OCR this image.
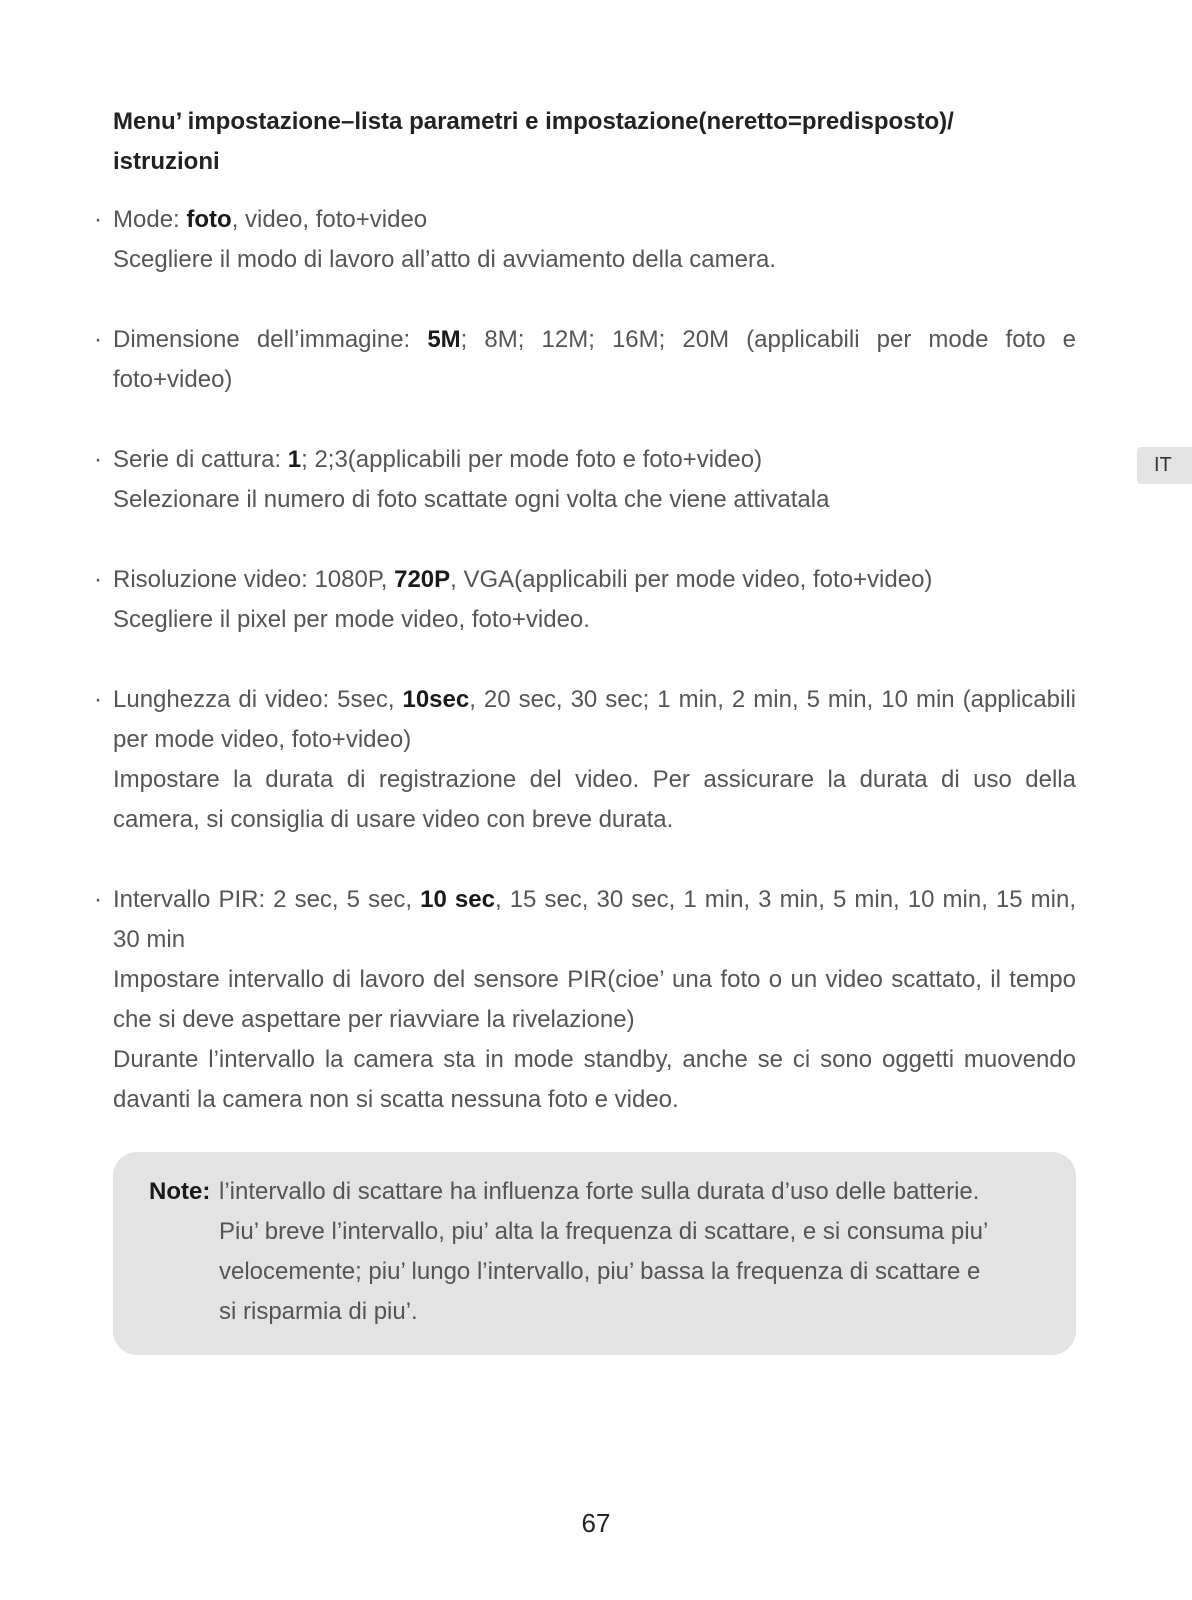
Menu’ impostazione–lista parametri e impostazione(neretto=predisposto)/
istruzioni
· Mode: foto, video, foto+video

Scegliere il modo di lavoro all’atto di avviamento della camera.

· Dimensione dell’immagine: 5M; 8M; 12M; 16M; 20M (applicabili per mode foto e foto+video)

· Serie di cattura: 1; 2;3(applicabili per mode foto e foto+video)

Selezionare il numero di foto scattate ogni volta che viene attivatala

· Risoluzione video: 1080P, 720P, VGA(applicabili per mode video, foto+video)

Scegliere il pixel per mode video, foto+video.

· Lunghezza di video: 5sec, 10sec, 20 sec, 30 sec; 1 min, 2 min, 5 min, 10 min (applicabili per mode video, foto+video)

Impostare la durata di registrazione del video. Per assicurare la durata di uso della camera, si consiglia di usare video con breve durata.

· Intervallo PIR: 2 sec, 5 sec, 10 sec, 15 sec, 30 sec, 1 min, 3 min, 5 min, 10 min, 15 min, 30 min

Impostare intervallo di lavoro del sensore PIR(cioe’ una foto o un video scattato, il tempo che si deve aspettare per riavviare la rivelazione)

Durante l’intervallo la camera sta in mode standby, anche se ci sono oggetti muovendo davanti la camera non si scatta nessuna foto e video.

Note: l’intervallo di scattare ha influenza forte sulla durata d’uso delle batterie.
Piu’ breve l’intervallo, piu’ alta la frequenza di scattare, e si consuma piu’
velocemente; piu’ lungo l’intervallo, piu’ bassa la frequenza di scattare e
si risparmia di piu’.
IT
67
